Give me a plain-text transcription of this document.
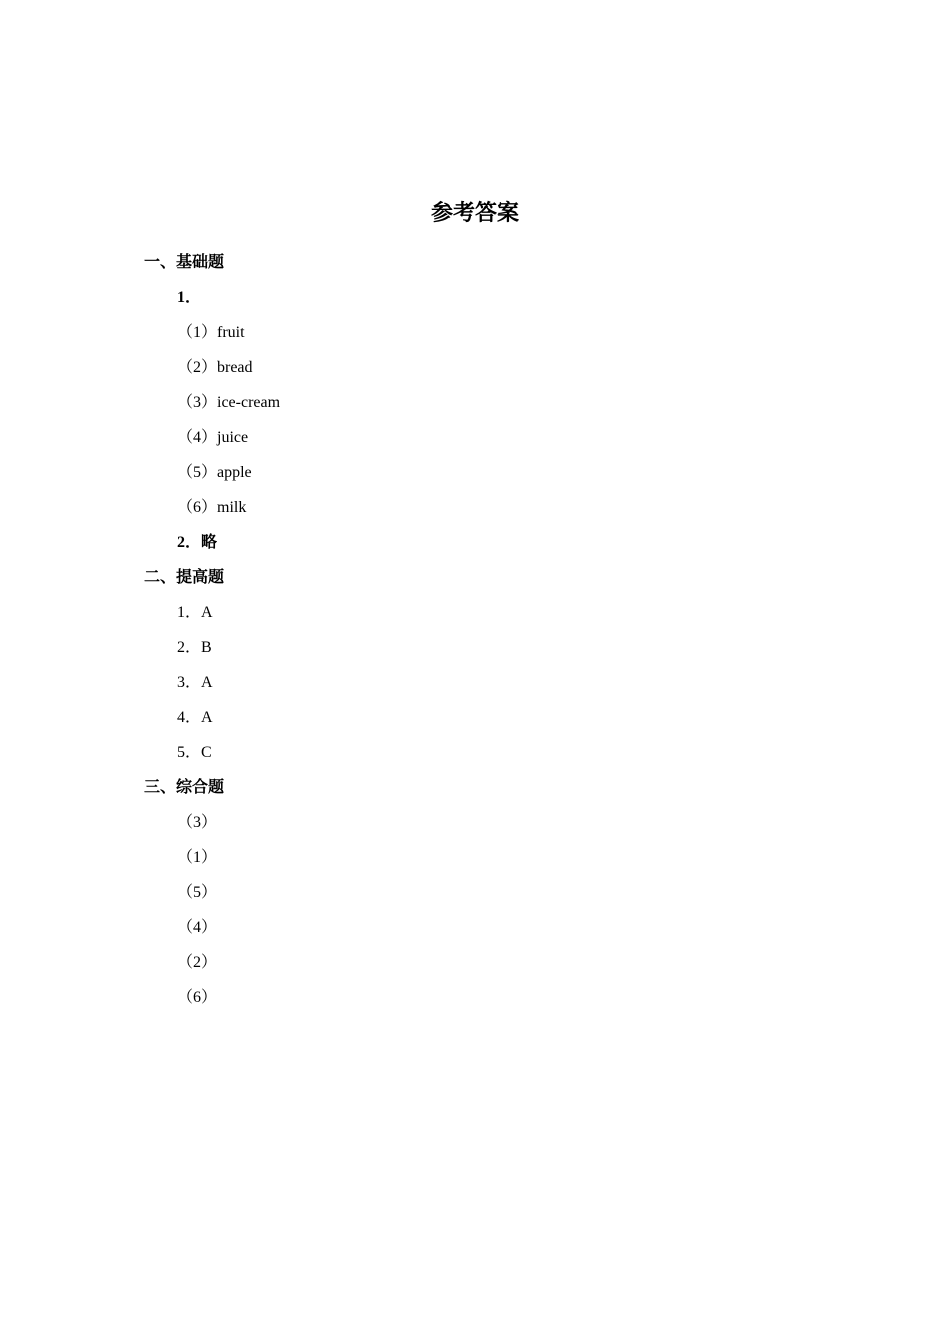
参考答案
一、基础题
1．
（1）fruit
（2）bread
（3）ice-cream
（4）juice
（5）apple
（6）milk
2．略
二、提高题
1．A
2．B
3．A
4．A
5．C
三、综合题
（3）
（1）
（5）
（4）
（2）
（6）
